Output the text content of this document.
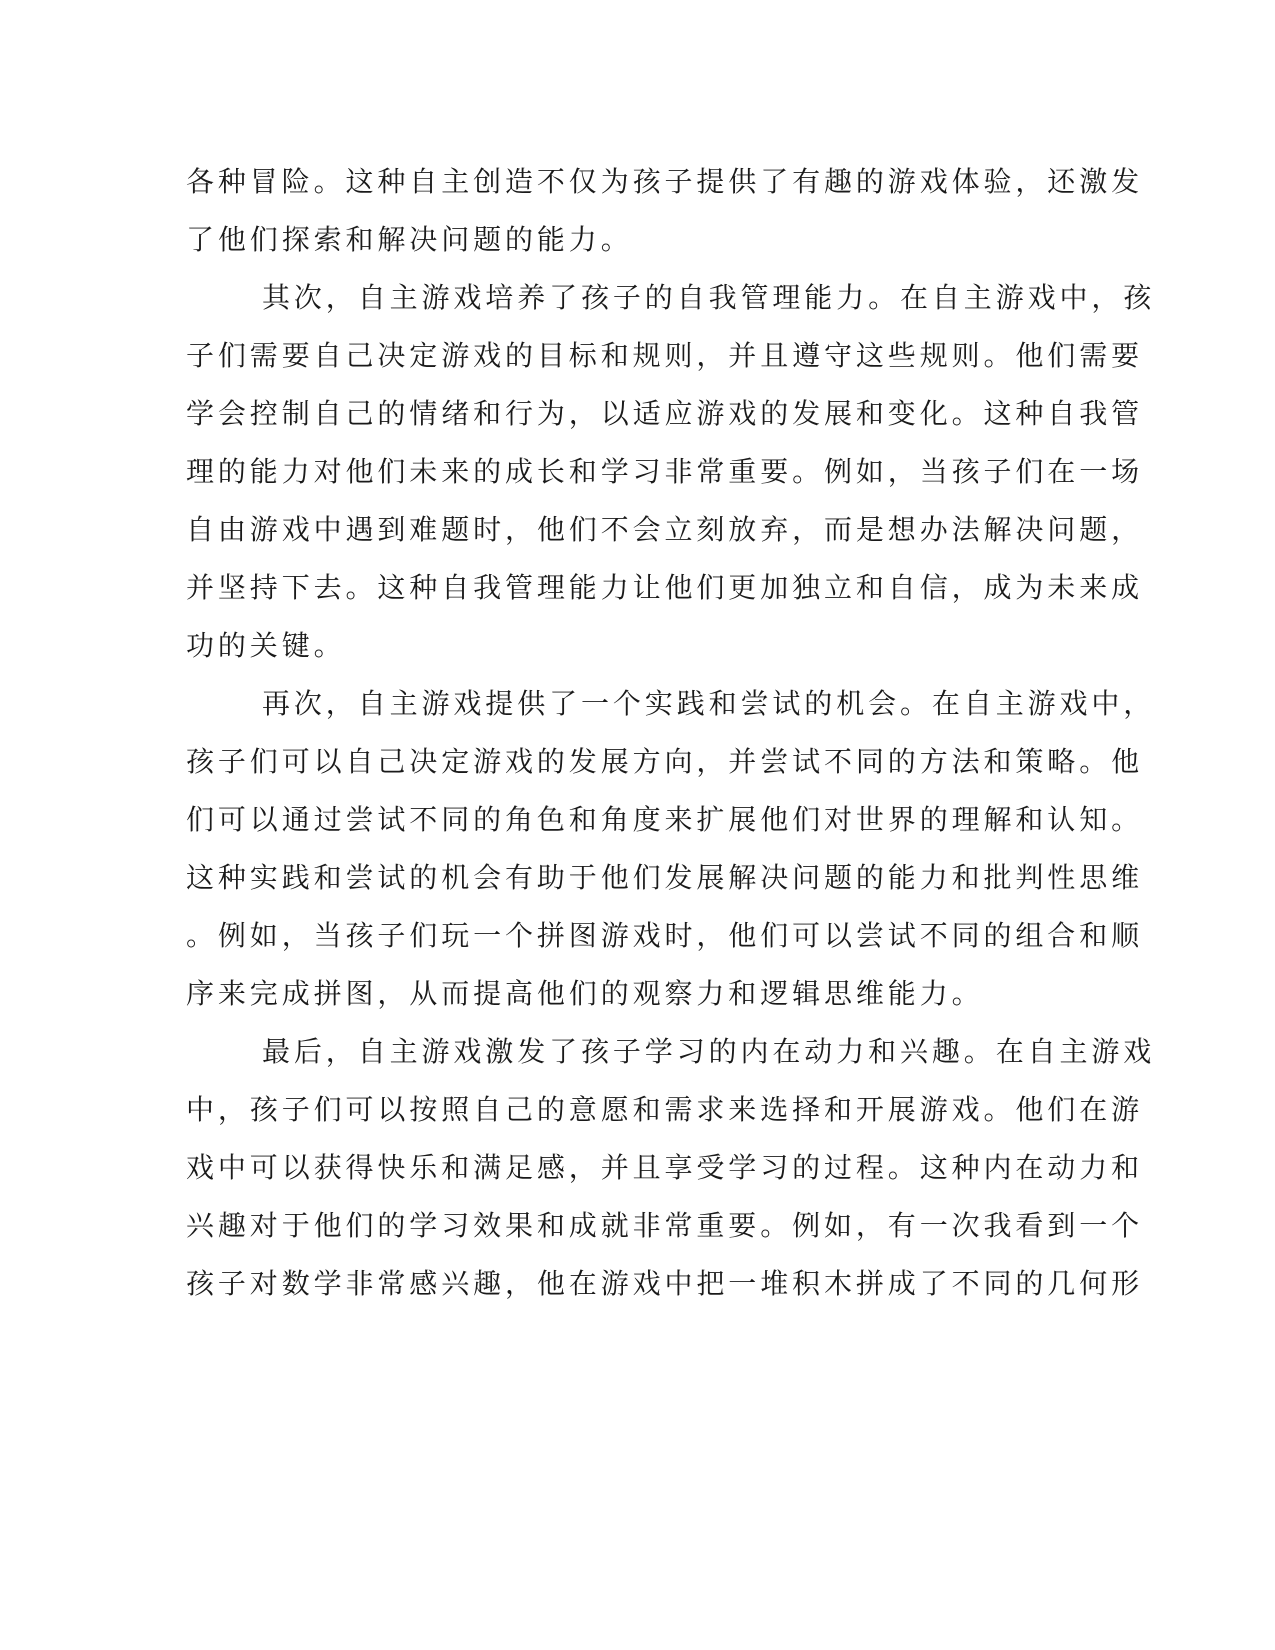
各种冒险。这种自主创造不仅为孩子提供了有趣的游戏体验，还激发
了他们探索和解决问题的能力。
其次，自主游戏培养了孩子的自我管理能力。在自主游戏中，孩
子们需要自己决定游戏的目标和规则，并且遵守这些规则。他们需要
学会控制自己的情绪和行为，以适应游戏的发展和变化。这种自我管
理的能力对他们未来的成长和学习非常重要。例如，当孩子们在一场
自由游戏中遇到难题时，他们不会立刻放弃，而是想办法解决问题，
并坚持下去。这种自我管理能力让他们更加独立和自信，成为未来成
功的关键。
再次，自主游戏提供了一个实践和尝试的机会。在自主游戏中，
孩子们可以自己决定游戏的发展方向，并尝试不同的方法和策略。他
们可以通过尝试不同的角色和角度来扩展他们对世界的理解和认知。
这种实践和尝试的机会有助于他们发展解决问题的能力和批判性思维
。例如，当孩子们玩一个拼图游戏时，他们可以尝试不同的组合和顺
序来完成拼图，从而提高他们的观察力和逻辑思维能力。
最后，自主游戏激发了孩子学习的内在动力和兴趣。在自主游戏
中，孩子们可以按照自己的意愿和需求来选择和开展游戏。他们在游
戏中可以获得快乐和满足感，并且享受学习的过程。这种内在动力和
兴趣对于他们的学习效果和成就非常重要。例如，有一次我看到一个
孩子对数学非常感兴趣，他在游戏中把一堆积木拼成了不同的几何形
